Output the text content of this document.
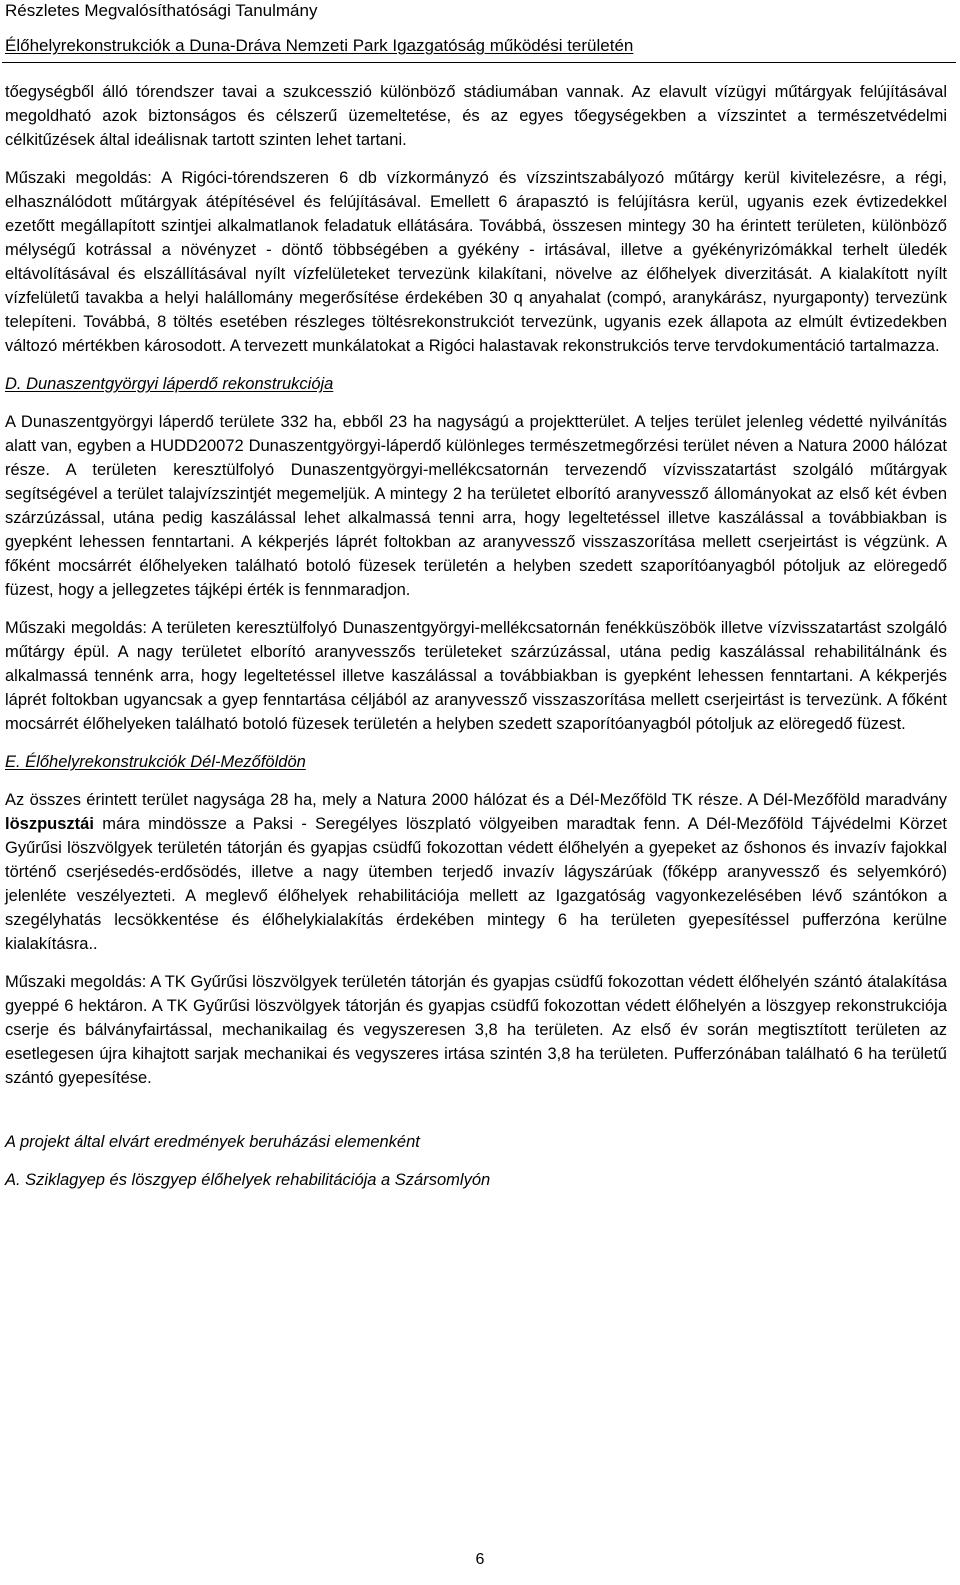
Részletes Megvalósíthatósági Tanulmány
Élőhelyrekonstrukciók a Duna-Dráva Nemzeti Park Igazgatóság működési területén

tőegységből álló tórendszer tavai a szukcesszió különböző stádiumában vannak. Az elavult vízügyi műtárgyak felújításával megoldható azok biztonságos és célszerű üzemeltetése, és az egyes tőegységekben a vízszintet a természetvédelmi célkitűzések által ideálisnak tartott szinten lehet tartani.

Műszaki megoldás: A Rigóci-tórendszeren 6 db vízkormányzó és vízszintszabályozó műtárgy kerül kivitelezésre, a régi, elhasználódott műtárgyak átépítésével és felújításával. Emellett 6 árapasztó is felújításra kerül, ugyanis ezek évtizedekkel ezetőtt megállapított szintjei alkalmatlanok feladatuk ellátására. Továbbá, összesen mintegy 30 ha érintett területen, különböző mélységű kotrással a növényzet - döntő többségében a gyékény - irtásával, illetve a gyékényrizómákkal terhelt üledék eltávolításával és elszállításával nyílt vízfelületeket tervezünk kilakítani, növelve az élőhelyek diverzitását. A kialakított nyílt vízfelületű tavakba a helyi halállomány megerősítése érdekében 30 q anyahalat (compó, aranykárász, nyurgaponty) tervezünk telepíteni. Továbbá, 8 töltés esetében részleges töltésrekonstrukciót tervezünk, ugyanis ezek állapota az elmúlt évtizedekben változó mértékben károsodott. A tervezett munkálatokat a Rigóci halastavak rekonstrukciós terve tervdokumentáció tartalmazza.

D. Dunaszentgyörgyi láperdő rekonstrukciója

A Dunaszentgyörgyi láperdő területe 332 ha, ebből 23 ha nagyságú a projektterület. A teljes terület jelenleg védetté nyilvánítás alatt van, egyben a HUDD20072 Dunaszentgyörgyi-láperdő különleges természetmegőrzési terület néven a Natura 2000 hálózat része. A területen keresztülfolyó Dunaszentgyörgyi-mellékcsatornán tervezendő vízvisszatartást szolgáló műtárgyak segítségével a terület talajvízszintjét megemeljük. A mintegy 2 ha területet elborító aranyvessző állományokat az első két évben szárzúzással, utána pedig kaszálással lehet alkalmassá tenni arra, hogy legeltetéssel illetve kaszálással a továbbiakban is gyepként lehessen fenntartani. A kékperjés láprét foltokban az aranyvessző visszaszorítása mellett cserjeirtást is végzünk. A főként mocsárrét élőhelyeken található botoló füzesek területén a helyben szedett szaporítóanyagból pótoljuk az elöregedő füzest, hogy a jellegzetes tájképi érték is fennmaradjon.

Műszaki megoldás: A területen keresztülfolyó Dunaszentgyörgyi-mellékcsatornán fenékküszöbök illetve vízvisszatartást szolgáló műtárgy épül. A nagy területet elborító aranyvesszős területeket szárzúzással, utána pedig kaszálással rehabilitálnánk és alkalmassá tennénk arra, hogy legeltetéssel illetve kaszálással a továbbiakban is gyepként lehessen fenntartani. A kékperjés láprét foltokban ugyancsak a gyep fenntartása céljából az aranyvessző visszaszorítása mellett cserjeirtást is tervezünk. A főként mocsárrét élőhelyeken található botoló füzesek területén a helyben szedett szaporítóanyagból pótoljuk az elöregedő füzest.

E. Élőhelyrekonstrukciók Dél-Mezőföldön

Az összes érintett terület nagysága 28 ha, mely a Natura 2000 hálózat és a Dél-Mezőföld TK része. A Dél-Mezőföld maradvány löszpusztái mára mindössze a Paksi - Seregélyes löszplató völgyeiben maradtak fenn. A Dél-Mezőföld Tájvédelmi Körzet Gyűrűsi löszvölgyek területén tátorján és gyapjas csüdfű fokozottan védett élőhelyén a gyepeket az őshonos és invazív fajokkal történő cserjésedés-erdősödés, illetve a nagy ütemben terjedő invazív lágyszárúak (főképp aranyvessző és selyemkóró) jelenléte veszélyezteti. A meglevő élőhelyek rehabilitációja mellett az Igazgatóság vagyonkezelésében lévő szántókon a szegélyhatás lecsökkentése és élőhelykialakítás érdekében mintegy 6 ha területen gyepesítéssel pufferzóna kerülne kialakításra..

Műszaki megoldás: A TK Gyűrűsi löszvölgyek területén tátorján és gyapjas csüdfű fokozottan védett élőhelyén szántó átalakítása gyeppé 6 hektáron. A TK Gyűrűsi löszvölgyek tátorján és gyapjas csüdfű fokozottan védett élőhelyén a löszgyep rekonstrukciója cserje és bálványfairtással, mechanikailag és vegyszeresen 3,8 ha területen. Az első év során megtisztított területen az esetlegesen újra kihajtott sarjak mechanikai és vegyszeres irtása szintén 3,8 ha területen. Pufferzónában található 6 ha területű szántó gyepesítése.

A projekt által elvárt eredmények beruházási elemenként

A. Sziklagyep és löszgyep élőhelyek rehabilitációja a Szársomlyón

6
